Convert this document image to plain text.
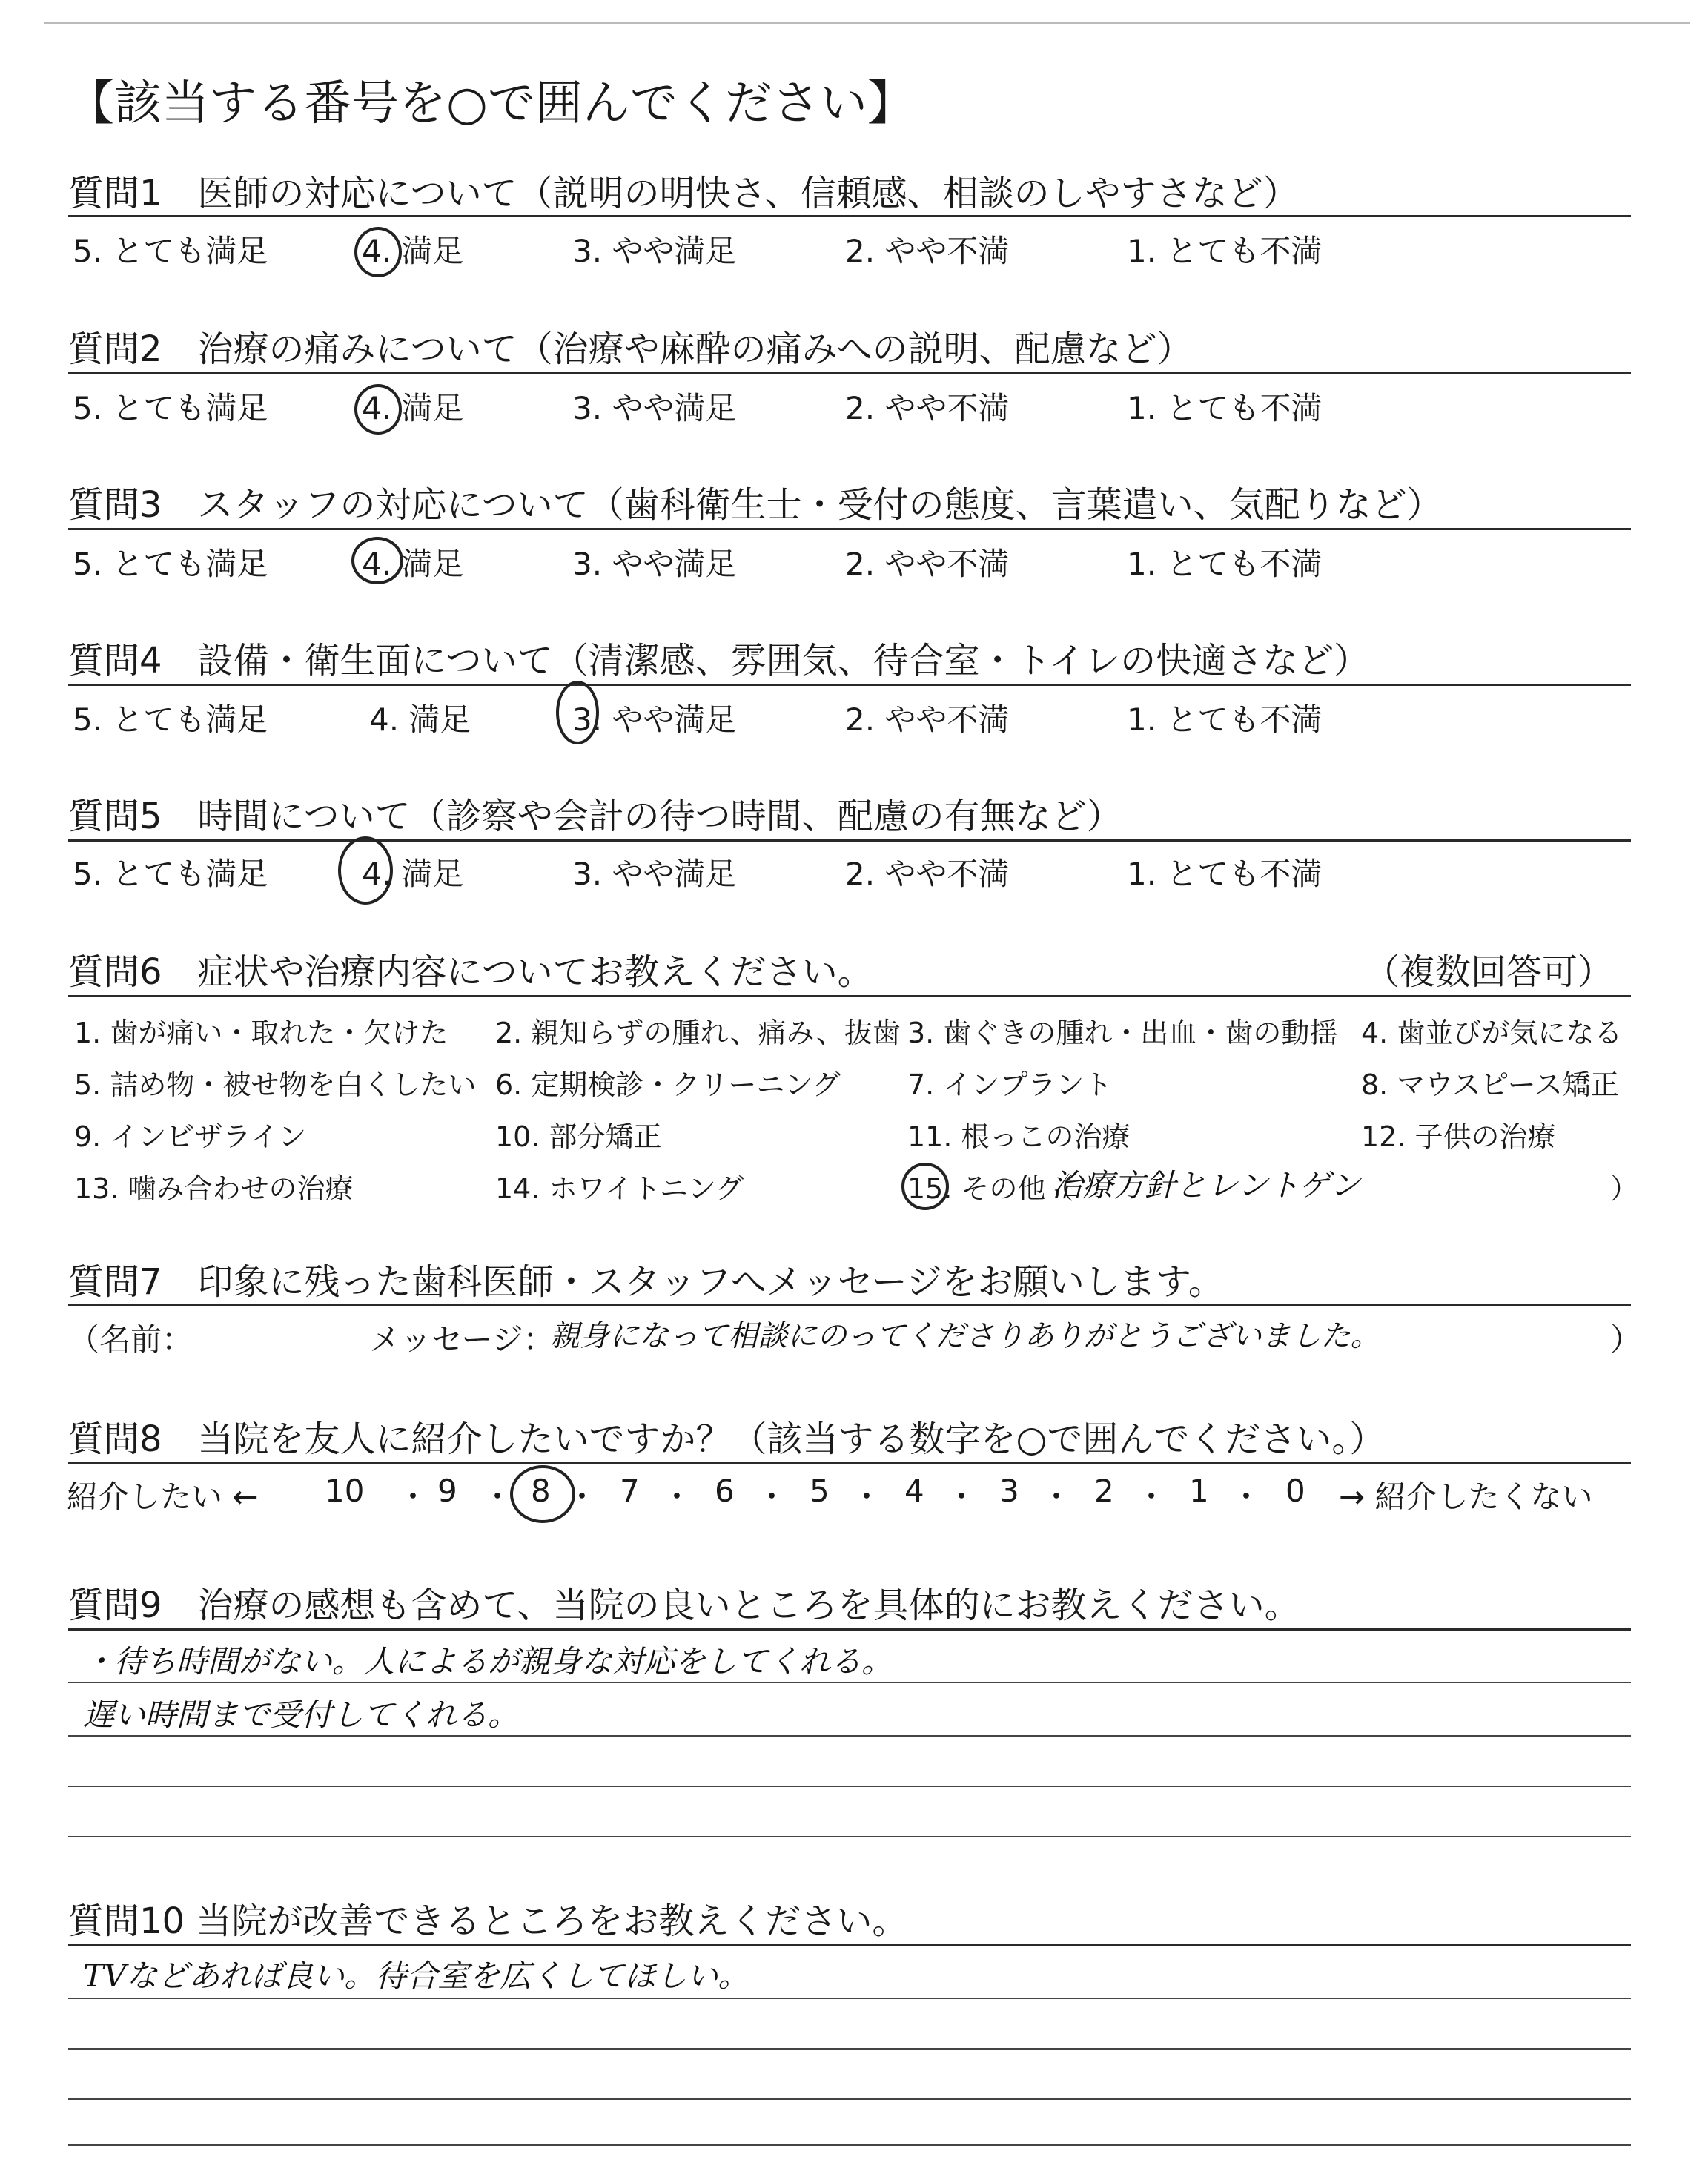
【該当する番号を○で囲んでください】
質問1　医師の対応について（説明の明快さ、信頼感、相談のしやすさなど）
5. とても満足	4. 満足	3. やや満足	2. やや不満	1. とても不満
質問2　治療の痛みについて（治療や麻酔の痛みへの説明、配慮など）
5. とても満足	4. 満足	3. やや満足	2. やや不満	1. とても不満
質問3　スタッフの対応について（歯科衛生士・受付の態度、言葉遣い、気配りなど）
5. とても満足	4. 満足	3. やや満足	2. やや不満	1. とても不満
質問4　設備・衛生面について（清潔感、雰囲気、待合室・トイレの快適さなど）
5. とても満足	4. 満足	3. やや満足	2. やや不満	1. とても不満
質問5　時間について（診察や会計の待つ時間、配慮の有無など）
5. とても満足	4. 満足	3. やや満足	2. やや不満	1. とても不満
質問6　症状や治療内容についてお教えください。	（複数回答可）
1. 歯が痛い・取れた・欠けた 2. 親知らずの腫れ、痛み、抜歯 3. 歯ぐきの腫れ・出血・歯の動揺 4. 歯並びが気になる
5. 詰め物・被せ物を白くしたい 6. 定期検診・クリーニング 7. インプラント	8. マウスピース矯正
9. インビザライン	10. 部分矯正	11. 根っこの治療	12. 子供の治療
13. 噛み合わせの治療	14. ホワイトニング	15. その他（
治療方針とレントゲン	）
質問7　印象に残った歯科医師・スタッフへメッセージをお願いします。
（名前：	メッセージ：
親身になって相談にのってくださりありがとうございました。	）
質問8　当院を友人に紹介したいですか？（該当する数字を○で囲んでください。）
紹介したい ←	→ 紹介したくない
10 ・ 9 ・ 8 ・ 7 ・ 6 ・ 5 ・ 4 ・ 3 ・ 2 ・ 1 ・ 0
質問9　治療の感想も含めて、当院の良いところを具体的にお教えください。
・待ち時間がない。人によるが親身な対応をしてくれる。
遅い時間まで受付してくれる。
質問10 当院が改善できるところをお教えください。
TVなどあれば良い。待合室を広くしてほしい。
